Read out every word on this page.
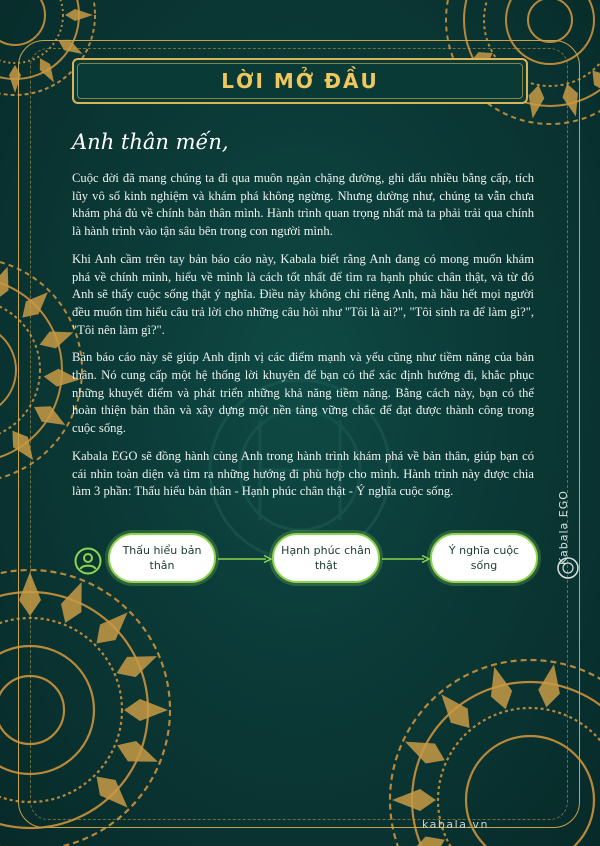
LỜI MỞ ĐẦU
Anh thân mến,

Cuộc đời đã mang chúng ta đi qua muôn ngàn chặng đường, ghi dấu nhiều bằng cấp, tích lũy vô số kinh nghiệm và khám phá không ngừng. Nhưng dường như, chúng ta vẫn chưa khám phá đủ về chính bản thân mình. Hành trình quan trọng nhất mà ta phải trải qua chính là hành trình vào tận sâu bên trong con người mình.

Khi Anh cầm trên tay bản báo cáo này, Kabala biết rằng Anh đang có mong muốn khám phá về chính mình, hiểu về mình là cách tốt nhất để tìm ra hạnh phúc chân thật, và từ đó Anh sẽ thấy cuộc sống thật ý nghĩa. Điều này không chỉ riêng Anh, mà hầu hết mọi người đều muốn tìm hiểu câu trả lời cho những câu hỏi như "Tôi là ai?", "Tôi sinh ra để làm gì?", "Tôi nên làm gì?".

Bản báo cáo này sẽ giúp Anh định vị các điểm mạnh và yếu cũng như tiềm năng của bản thân. Nó cung cấp một hệ thống lời khuyên để bạn có thể xác định hướng đi, khắc phục những khuyết điểm và phát triển những khả năng tiềm năng. Bằng cách này, bạn có thể hoàn thiện bản thân và xây dựng một nền tảng vững chắc để đạt được thành công trong cuộc sống.

Kabala EGO sẽ đồng hành cùng Anh trong hành trình khám phá về bản thân, giúp bạn có cái nhìn toàn diện và tìm ra những hướng đi phù hợp cho mình. Hành trình này được chia làm 3 phần: Thấu hiểu bản thân - Hạnh phúc chân thật - Ý nghĩa cuộc sống.

Thấu hiểu bản thân
Hạnh phúc chân thật
Ý nghĩa cuộc sống
Kabala EGO
kabala.vn
